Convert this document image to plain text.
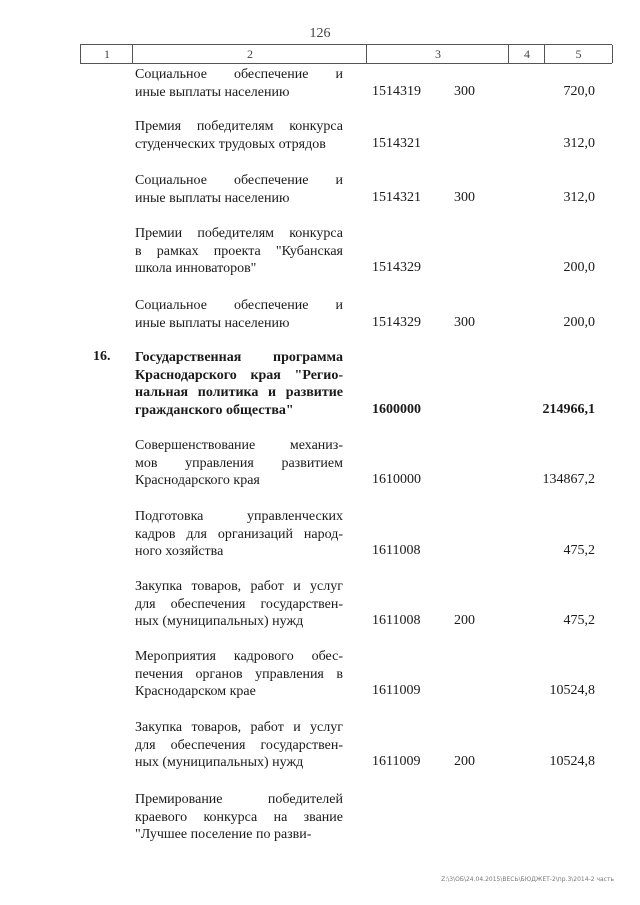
126
1	2	3	4	5
Социальное обеспечение и
иные выплаты населению	1514319 300	720,0
Премия победителям конкурса
студенческих трудовых отрядов	1514321	312,0
Социальное обеспечение и
иные выплаты населению	1514321 300	312,0
Премии победителям конкурса
в рамках проекта "Кубанская
школа инноваторов"	1514329	200,0
Социальное обеспечение и
иные выплаты населению	1514329 300	200,0
16. Государственная программа
Краснодарского края "Регио-
нальная политика и развитие
гражданского общества"	1600000	214966,1
Совершенствование механиз-
мов управления развитием
Краснодарского края	1610000	134867,2
Подготовка управленческих
кадров для организаций народ-
ного хозяйства	1611008	475,2
Закупка товаров, работ и услуг
для обеспечения государствен-
ных (муниципальных) нужд	1611008 200	475,2
Мероприятия кадрового обес-
печения органов управления в
Краснодарском крае	1611009	10524,8
Закупка товаров, работ и услуг
для обеспечения государствен-
ных (муниципальных) нужд	1611009 200	10524,8
Премирование победителей
краевого конкурса на звание
"Лучшее поселение по разви-
Z:\3\ОБ\24.04.2015\ВЕСЬ\БЮДЖЕТ-2\пр.3\2014-2 часть
